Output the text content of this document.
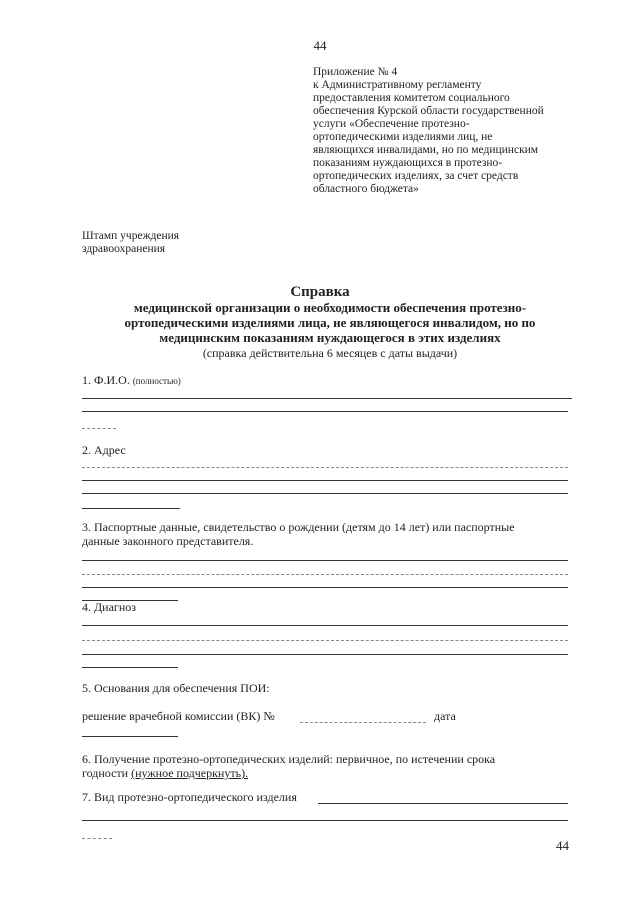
44
Приложение № 4
к Административному регламенту
предоставления комитетом социального
обеспечения Курской области государственной
услуги «Обеспечение протезно-
ортопедическими изделиями лиц, не
являющихся инвалидами, но по медицинским
показаниям нуждающихся в протезно-
ортопедических изделиях, за счет средств
областного бюджета»
Штамп учреждения
здравоохранения
Справка
медицинской организации о необходимости обеспечения протезно-
ортопедическими изделиями лица, не являющегося инвалидом, но по
медицинским показаниям нуждающегося в этих изделиях
(справка действительна 6 месяцев с даты выдачи)
1. Ф.И.О. (полностью)
2. Адрес
3. Паспортные данные, свидетельство о рождении (детям до 14 лет) или паспортные
данные законного представителя.
4. Диагноз
5. Основания для обеспечения ПОИ:
решение врачебной комиссии (ВК) №	дата
6. Получение протезно-ортопедических изделий: первичное, по истечении срока
годности (нужное подчеркнуть).
7. Вид протезно-ортопедического изделия
44
